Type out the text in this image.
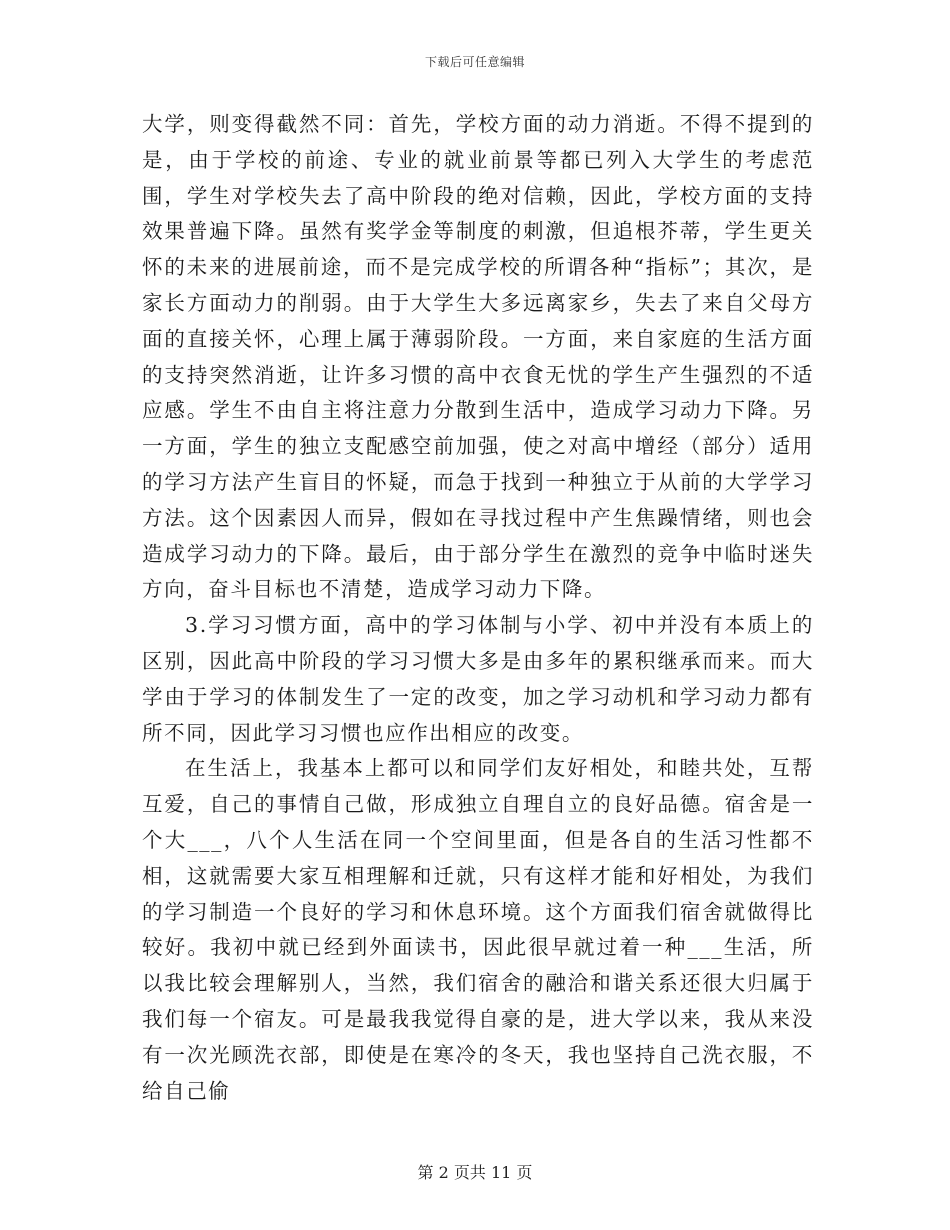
下载后可任意编辑

大学，则变得截然不同：首先，学校方面的动力消逝。不得不提到的是，由于学校的前途、专业的就业前景等都已列入大学生的考虑范围，学生对学校失去了高中阶段的绝对信赖，因此，学校方面的支持效果普遍下降。虽然有奖学金等制度的刺激，但追根芥蒂，学生更关怀的未来的进展前途，而不是完成学校的所谓各种“指标”；其次，是家长方面动力的削弱。由于大学生大多远离家乡，失去了来自父母方面的直接关怀，心理上属于薄弱阶段。一方面，来自家庭的生活方面的支持突然消逝，让许多习惯的高中衣食无忧的学生产生强烈的不适应感。学生不由自主将注意力分散到生活中，造成学习动力下降。另一方面，学生的独立支配感空前加强，使之对高中增经（部分）适用的学习方法产生盲目的怀疑，而急于找到一种独立于从前的大学学习方法。这个因素因人而异，假如在寻找过程中产生焦躁情绪，则也会造成学习动力的下降。最后，由于部分学生在激烈的竞争中临时迷失方向，奋斗目标也不清楚，造成学习动力下降。

3.学习习惯方面，高中的学习体制与小学、初中并没有本质上的区别，因此高中阶段的学习习惯大多是由多年的累积继承而来。而大学由于学习的体制发生了一定的改变，加之学习动机和学习动力都有所不同，因此学习习惯也应作出相应的改变。

在生活上，我基本上都可以和同学们友好相处，和睦共处，互帮互爱，自己的事情自己做，形成独立自理自立的良好品德。宿舍是一个大___，八个人生活在同一个空间里面，但是各自的生活习性都不相，这就需要大家互相理解和迁就，只有这样才能和好相处，为我们的学习制造一个良好的学习和休息环境。这个方面我们宿舍就做得比较好。我初中就已经到外面读书，因此很早就过着一种___生活，所以我比较会理解别人，当然，我们宿舍的融洽和谐关系还很大归属于我们每一个宿友。可是最我我觉得自豪的是，进大学以来，我从来没有一次光顾洗衣部，即使是在寒冷的冬天，我也坚持自己洗衣服，不给自己偷

第 2 页共 11 页
